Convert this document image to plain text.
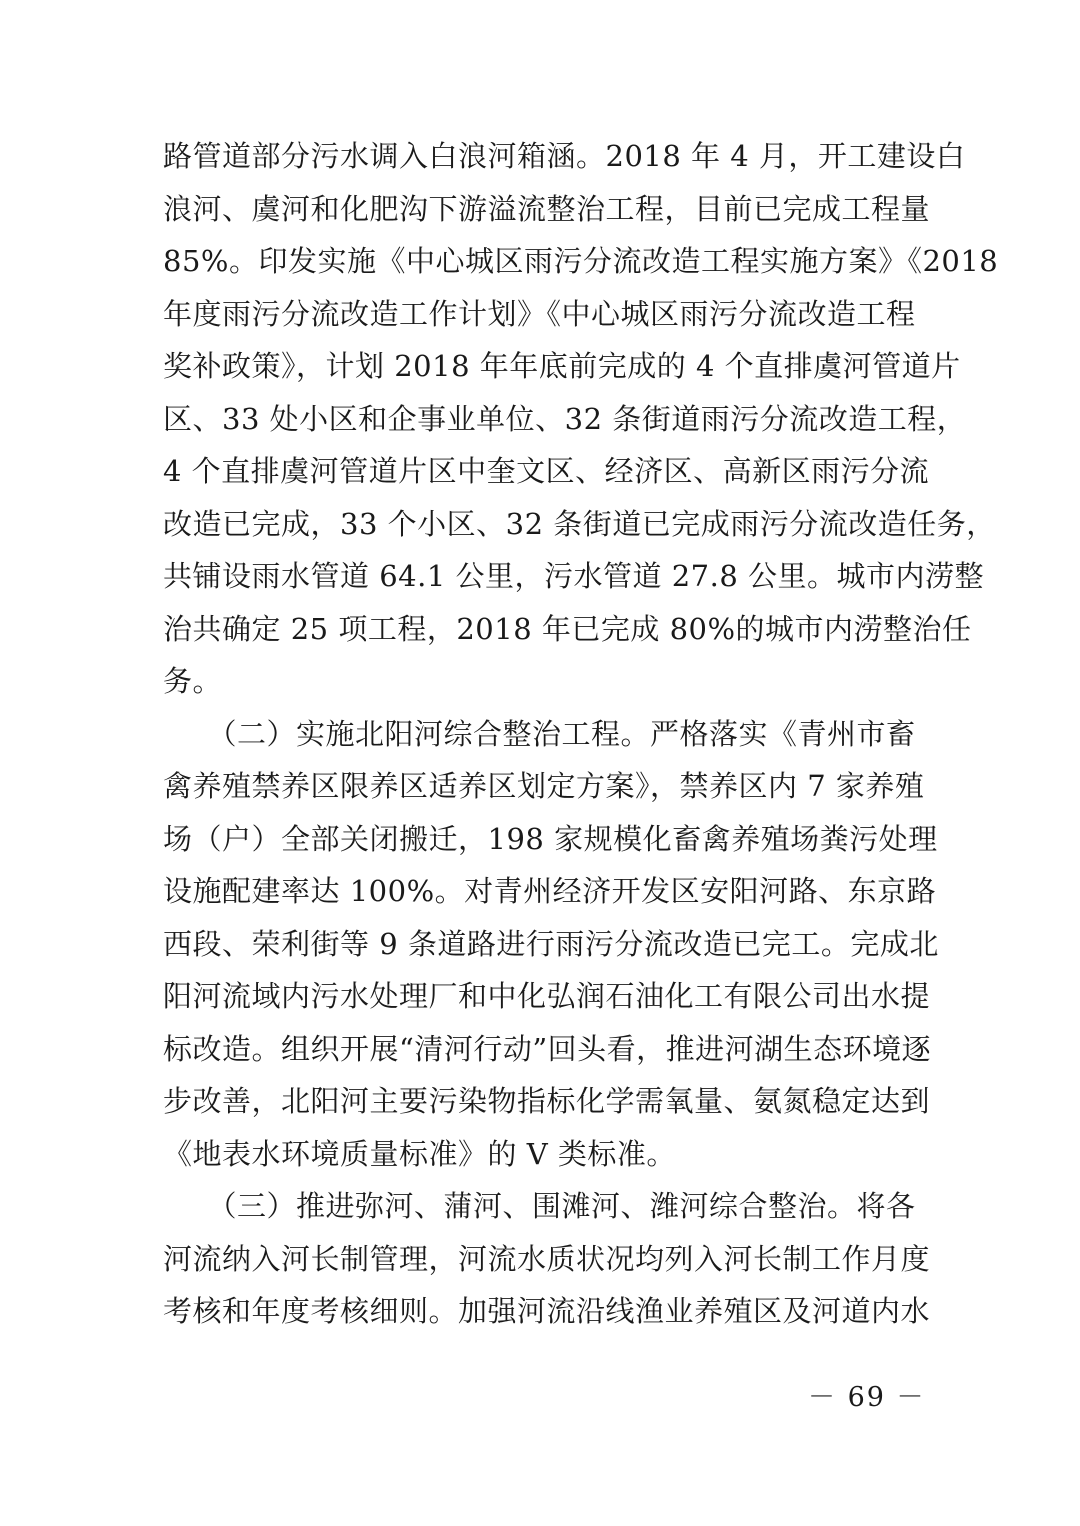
路管道部分污水调入白浪河箱涵。2018 年 4 月，开工建设白
浪河、虞河和化肥沟下游溢流整治工程，目前已完成工程量
85%。印发实施《中心城区雨污分流改造工程实施方案》《2018
年度雨污分流改造工作计划》《中心城区雨污分流改造工程
奖补政策》，计划 2018 年年底前完成的 4 个直排虞河管道片
区、33 处小区和企事业单位、32 条街道雨污分流改造工程，
4 个直排虞河管道片区中奎文区、经济区、高新区雨污分流
改造已完成，33 个小区、32 条街道已完成雨污分流改造任务，
共铺设雨水管道 64.1 公里，污水管道 27.8 公里。城市内涝整
治共确定 25 项工程，2018 年已完成 80%的城市内涝整治任
务。
　　（二）实施北阳河综合整治工程。严格落实《青州市畜
禽养殖禁养区限养区适养区划定方案》，禁养区内 7 家养殖
场（户）全部关闭搬迁，198 家规模化畜禽养殖场粪污处理
设施配建率达 100%。对青州经济开发区安阳河路、东京路
西段、荣利街等 9 条道路进行雨污分流改造已完工。完成北
阳河流域内污水处理厂和中化弘润石油化工有限公司出水提
标改造。组织开展“清河行动”回头看，推进河湖生态环境逐
步改善，北阳河主要污染物指标化学需氧量、氨氮稳定达到
《地表水环境质量标准》的 V 类标准。
　　（三）推进弥河、蒲河、围滩河、潍河综合整治。将各
河流纳入河长制管理，河流水质状况均列入河长制工作月度
考核和年度考核细则。加强河流沿线渔业养殖区及河道内水
－ 69 －
